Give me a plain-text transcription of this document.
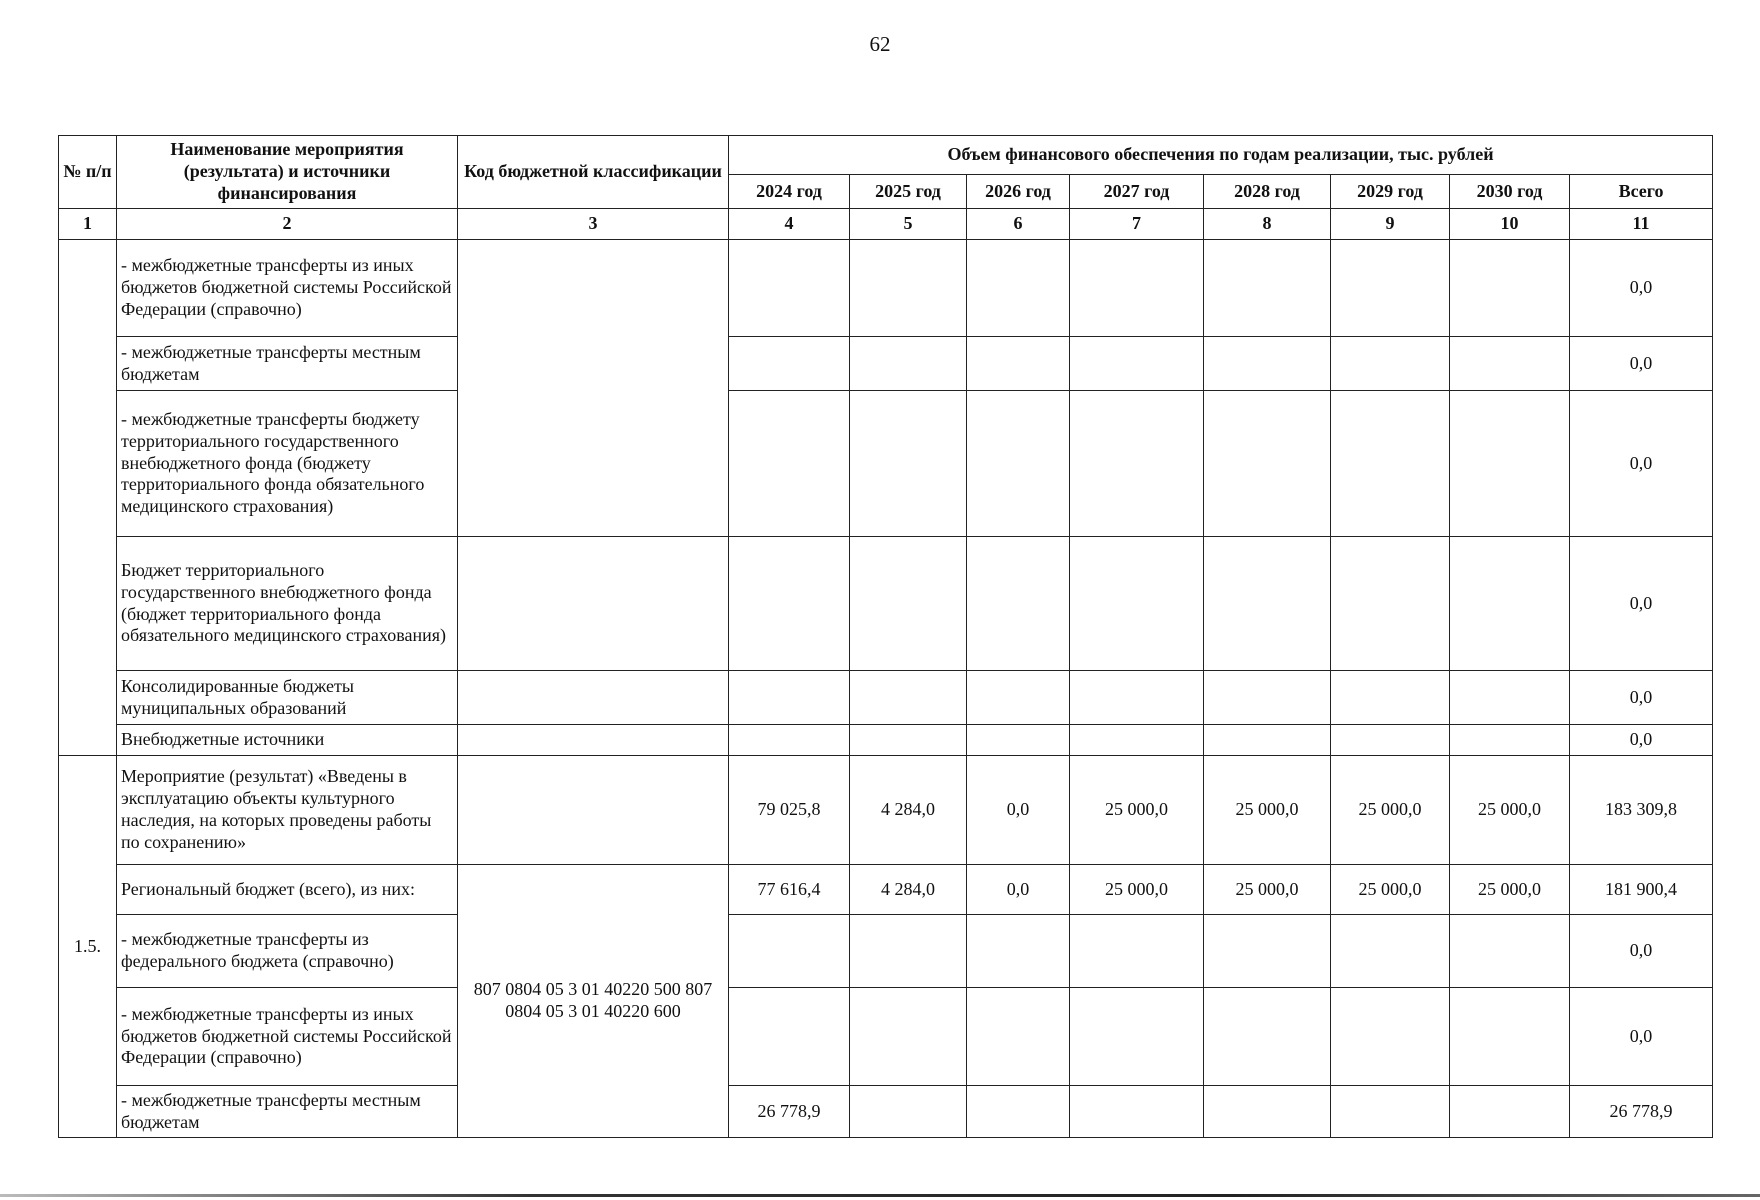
62
№ п/п	Наименование мероприятия (результата) и источники финансирования	Код бюджетной классификации	Объем финансового обеспечения по годам реализации, тыс. рублей							
			2024 год	2025 год	2026 год	2027 год	2028 год	2029 год	2030 год	Всего
1	2	3	4	5	6	7	8	9	10	11
	- межбюджетные трансферты из иных бюджетов бюджетной системы Российской Федерации (справочно)									0,0
	- межбюджетные трансферты местным бюджетам									0,0
	- межбюджетные трансферты бюджету территориального государственного внебюджетного фонда (бюджету территориального фонда обязательного медицинского страхования)									0,0
	Бюджет территориального государственного внебюджетного фонда (бюджет территориального фонда обязательного медицинского страхования)									0,0
	Консолидированные бюджеты муниципальных образований									0,0
	Внебюджетные источники									0,0
1.5.	Мероприятие (результат) «Введены в эксплуатацию объекты культурного наследия, на которых проведены работы по сохранению»		79 025,8	4 284,0	0,0	25 000,0	25 000,0	25 000,0	25 000,0	183 309,8
	Региональный бюджет (всего), из них:	807 0804 05 3 01 40220 500 807 0804 05 3 01 40220 600	77 616,4	4 284,0	0,0	25 000,0	25 000,0	25 000,0	25 000,0	181 900,4
	- межбюджетные трансферты из федерального бюджета (справочно)									0,0
	- межбюджетные трансферты из иных бюджетов бюджетной системы Российской Федерации (справочно)									0,0
	- межбюджетные трансферты местным бюджетам		26 778,9							26 778,9
